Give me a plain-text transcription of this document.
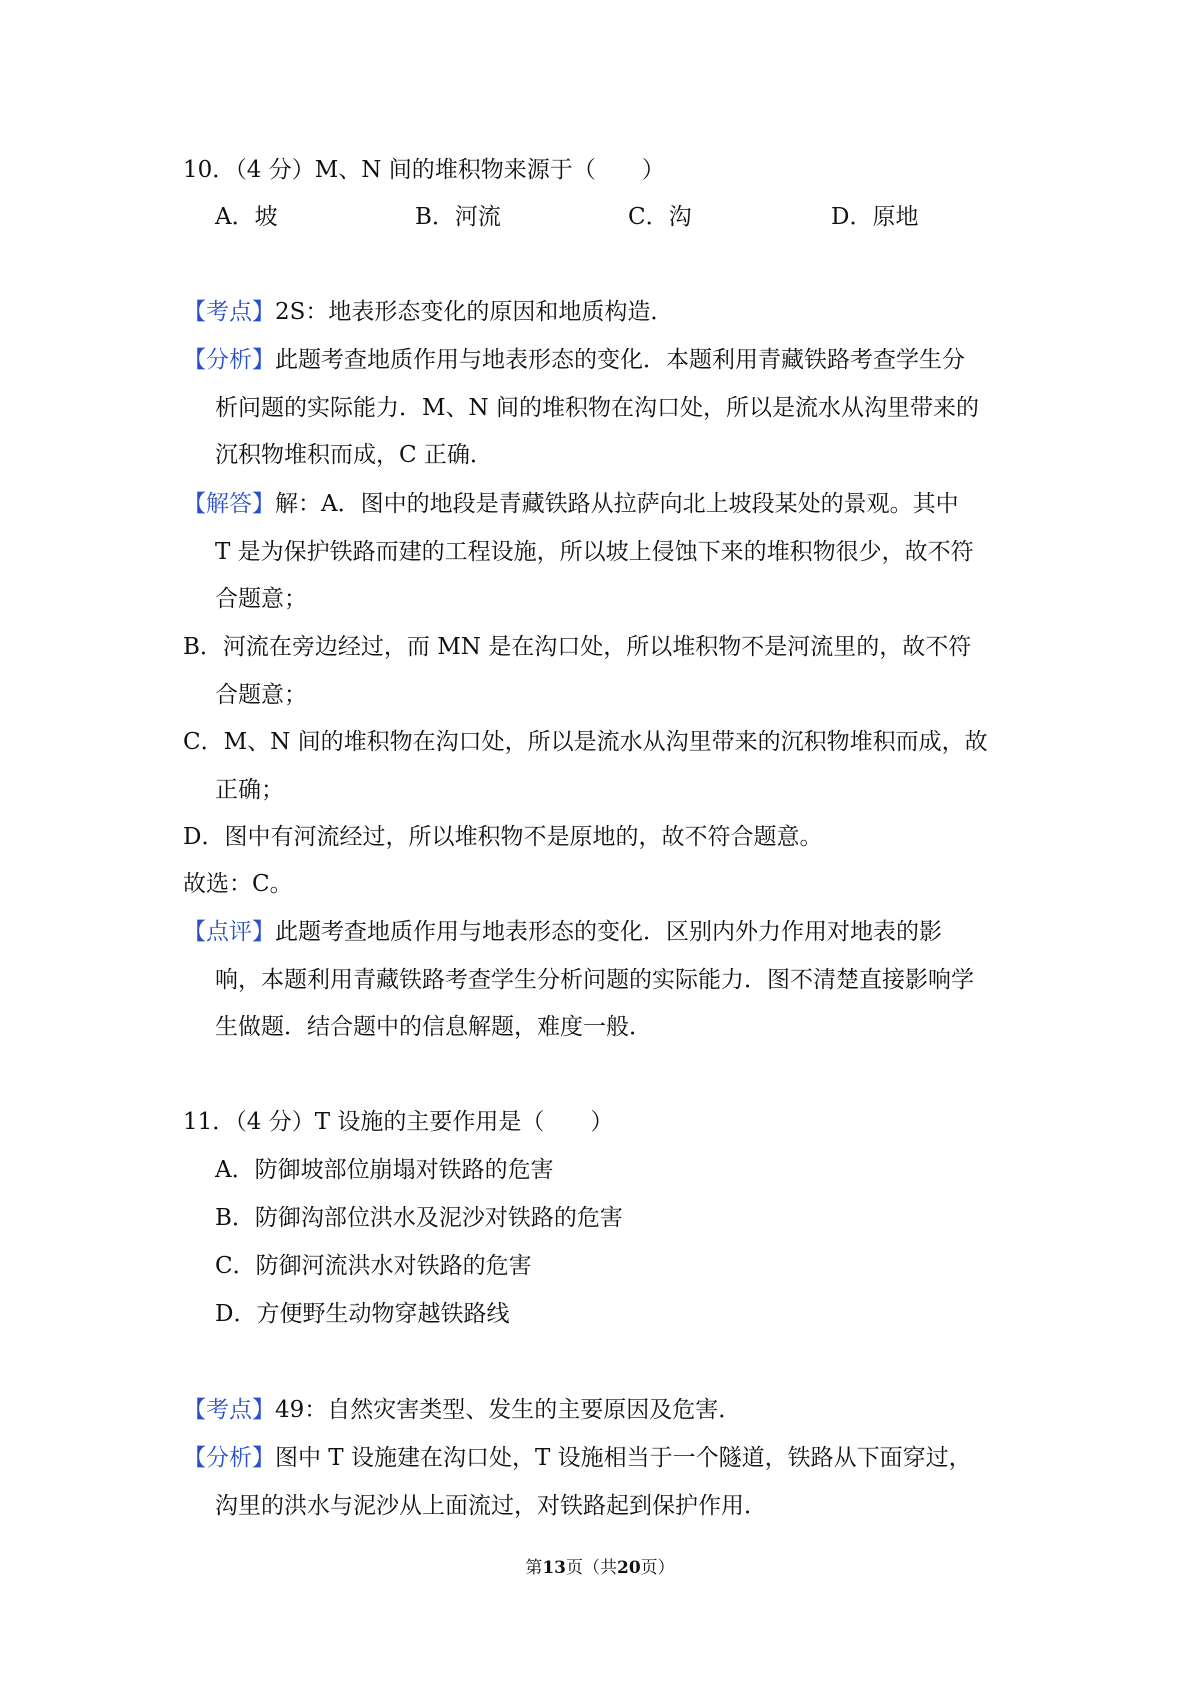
10．（4 分）M、N 间的堆积物来源于（　　）
A．坡	B．河流	C．沟	D．原地
【考点】2S：地表形态变化的原因和地质构造．
【分析】此题考查地质作用与地表形态的变化．本题利用青藏铁路考查学生分
析问题的实际能力．M、N 间的堆积物在沟口处，所以是流水从沟里带来的
沉积物堆积而成，C 正确．
【解答】解：A．图中的地段是青藏铁路从拉萨向北上坡段某处的景观。其中
T 是为保护铁路而建的工程设施，所以坡上侵蚀下来的堆积物很少，故不符
合题意；
B．河流在旁边经过，而 MN 是在沟口处，所以堆积物不是河流里的，故不符
合题意；
C．M、N 间的堆积物在沟口处，所以是流水从沟里带来的沉积物堆积而成，故
正确；
D．图中有河流经过，所以堆积物不是原地的，故不符合题意。
故选：C。
【点评】此题考查地质作用与地表形态的变化．区别内外力作用对地表的影
响，本题利用青藏铁路考查学生分析问题的实际能力．图不清楚直接影响学
生做题．结合题中的信息解题，难度一般．
11．（4 分）T 设施的主要作用是（　　）
A．防御坡部位崩塌对铁路的危害
B．防御沟部位洪水及泥沙对铁路的危害
C．防御河流洪水对铁路的危害
D．方便野生动物穿越铁路线
【考点】49：自然灾害类型、发生的主要原因及危害．
【分析】图中 T 设施建在沟口处，T 设施相当于一个隧道，铁路从下面穿过，
沟里的洪水与泥沙从上面流过，对铁路起到保护作用．
第13页（共20页）
